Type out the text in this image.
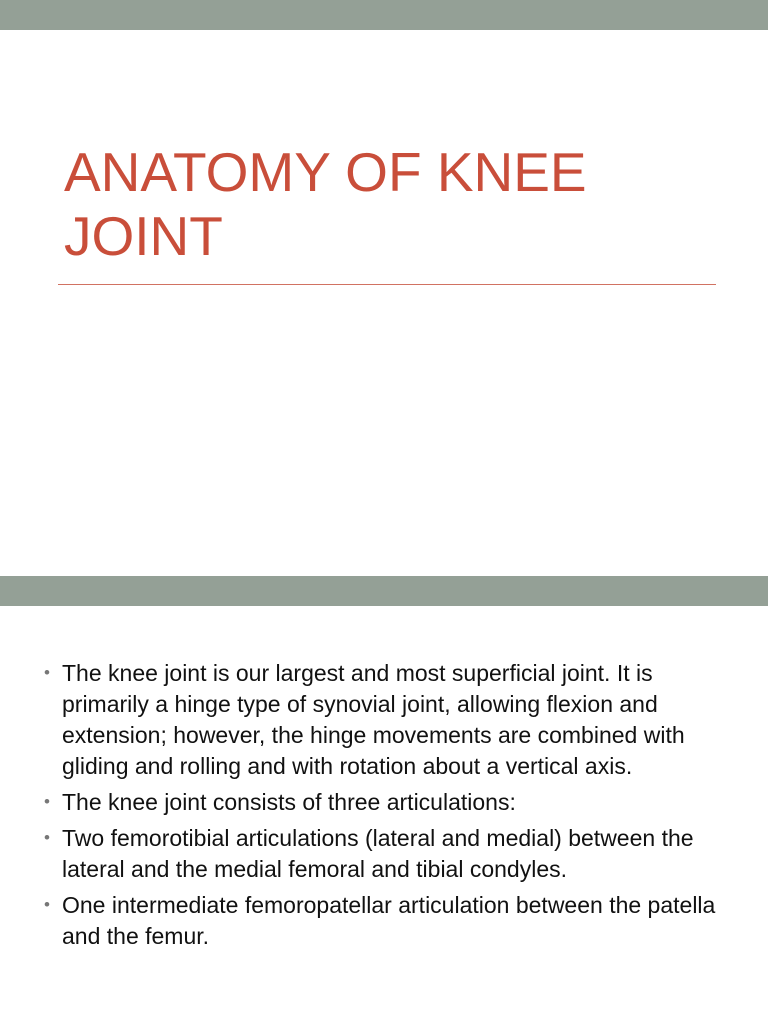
ANATOMY OF KNEE JOINT
• The knee joint is our largest and most superficial joint. It is primarily a hinge type of synovial joint, allowing flexion and extension; however, the hinge movements are combined with gliding and rolling and with rotation about a vertical axis.
• The knee joint consists of three articulations:
• Two femorotibial articulations (lateral and medial) between the lateral and the medial femoral and tibial condyles.
• One intermediate femoropatellar articulation between the patella and the femur.
